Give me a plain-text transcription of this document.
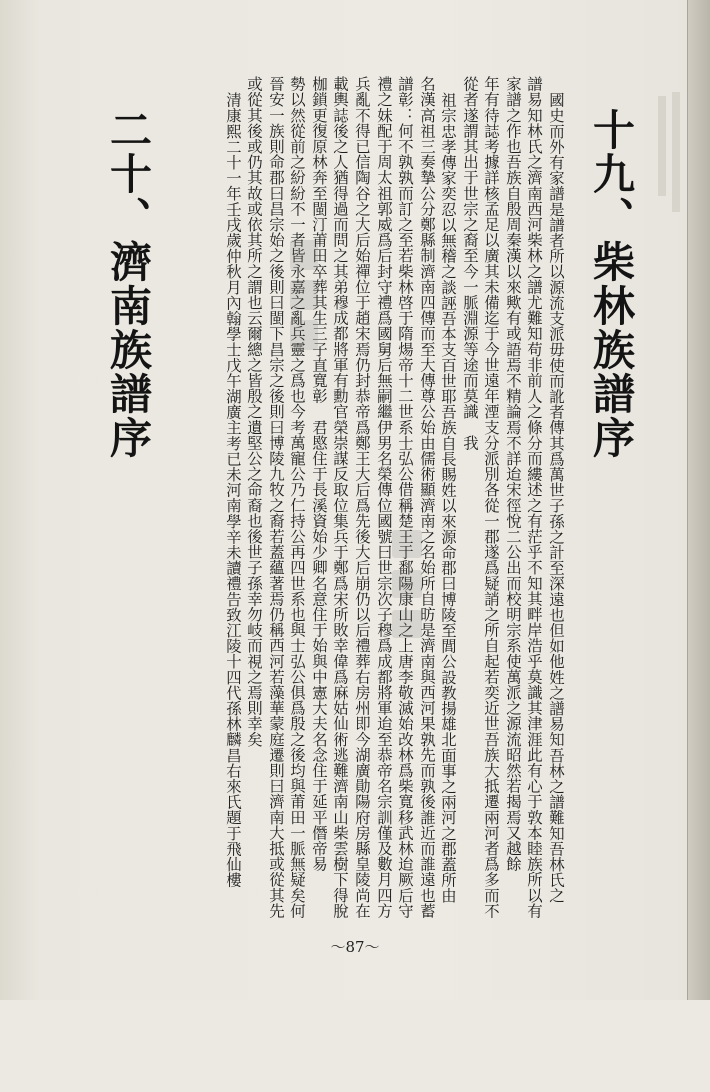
十九、柴林族譜序
國史而外有家譜是譜者所以源流支派毋使而訛者傳其爲萬世子孫之計至深遠也但如他姓之譜易知吾林之譜難知吾林氏之
譜易知林氏之濟南西河柴林之譜尤難知苟非前人之條分而縷述之有茫乎不知其畔岸浩乎莫識其津涯此有心于敦本睦族所以有
家譜之作也吾族自殷周秦漢以來歟有或語焉不精論焉不詳迨宋徑悅二公出而校明宗系使萬派之源流昭然若揭焉又越餘
年有待誌考據詳核孟足以廣其未備迄于今世遠年湮支分派別各從一郡遂爲疑誚之所自起若奕近世吾族大抵遷兩河者爲多而不
從者遂謂其出于世宗之裔至今一脈淵源等途而莫識　我
祖宗忠孝傳家奕忍以無稽之談誣吾本支百世耶吾族自長賜姓以來源命郡曰博陵至閭公設教揚雄北面事之兩河之郡蓋所由
名漢高祖三奏摯公分鄭縣制濟南四傳而至大傳尊公始由儒術顯濟南之名始所自昉是濟南與西河果孰先而孰後誰近而誰遠也蓄
譜彰：何不孰孰而訂之至若柴林啓于隋煬帝十二世系士弘公借稱楚王于鄱陽康山之上唐李敬滅始改林爲柴寬移武林迨厥后守
禮之妹配于周太祖郭威爲后封守禮爲國舅后無嗣繼伊男名榮傳位國號曰世宗次子穆爲成都將軍迨至恭帝名宗訓僅及數月四方
兵亂不得已信陶谷之大后始禪位于趙宋焉仍封恭帝爲鄭王大后爲先後大后崩仍以后禮葬右房州即今湖廣勛陽府房縣皇陵尚在
載輿誌後之人猶得過而問之其弟穆成都將軍有勳官榮崇謀反取位集兵于鄭爲宋所敗幸偉爲麻姑仙術逃難濟南山柴雲樹下得脫
枷鎖更復原林奔至閩汀莆田卒葬其生三子直寬彰　君愍住于長溪資始少卿名意住于始與中憲大夫名念住于延平僭帝易
勢以然從前之紛紛不一者皆永嘉之亂兵靈之爲也今考萬寵公乃仁持公再四世系也與士弘公俱爲殷之後均與莆田一脈無疑矣何
晉安一族則命郡曰昌宗始之後則曰閩下昌宗之後則曰博陵九牧之裔若蓋蘊著焉仍稱西河若藻華蒙庭遷則曰濟南大抵或從其先
或從其後或仍其故或依其所之謂也云爾總之皆殷之遺堅公之命裔也後世子孫幸勿岐而視之焉則幸矣
清康熙二十一年壬戌歲仲秋月內翰學士戊午湖廣主考已未河南學辛未讀禮告致江陵十四代孫林麟昌右來氏題于飛仙樓
二十、濟南族譜序
～87～
